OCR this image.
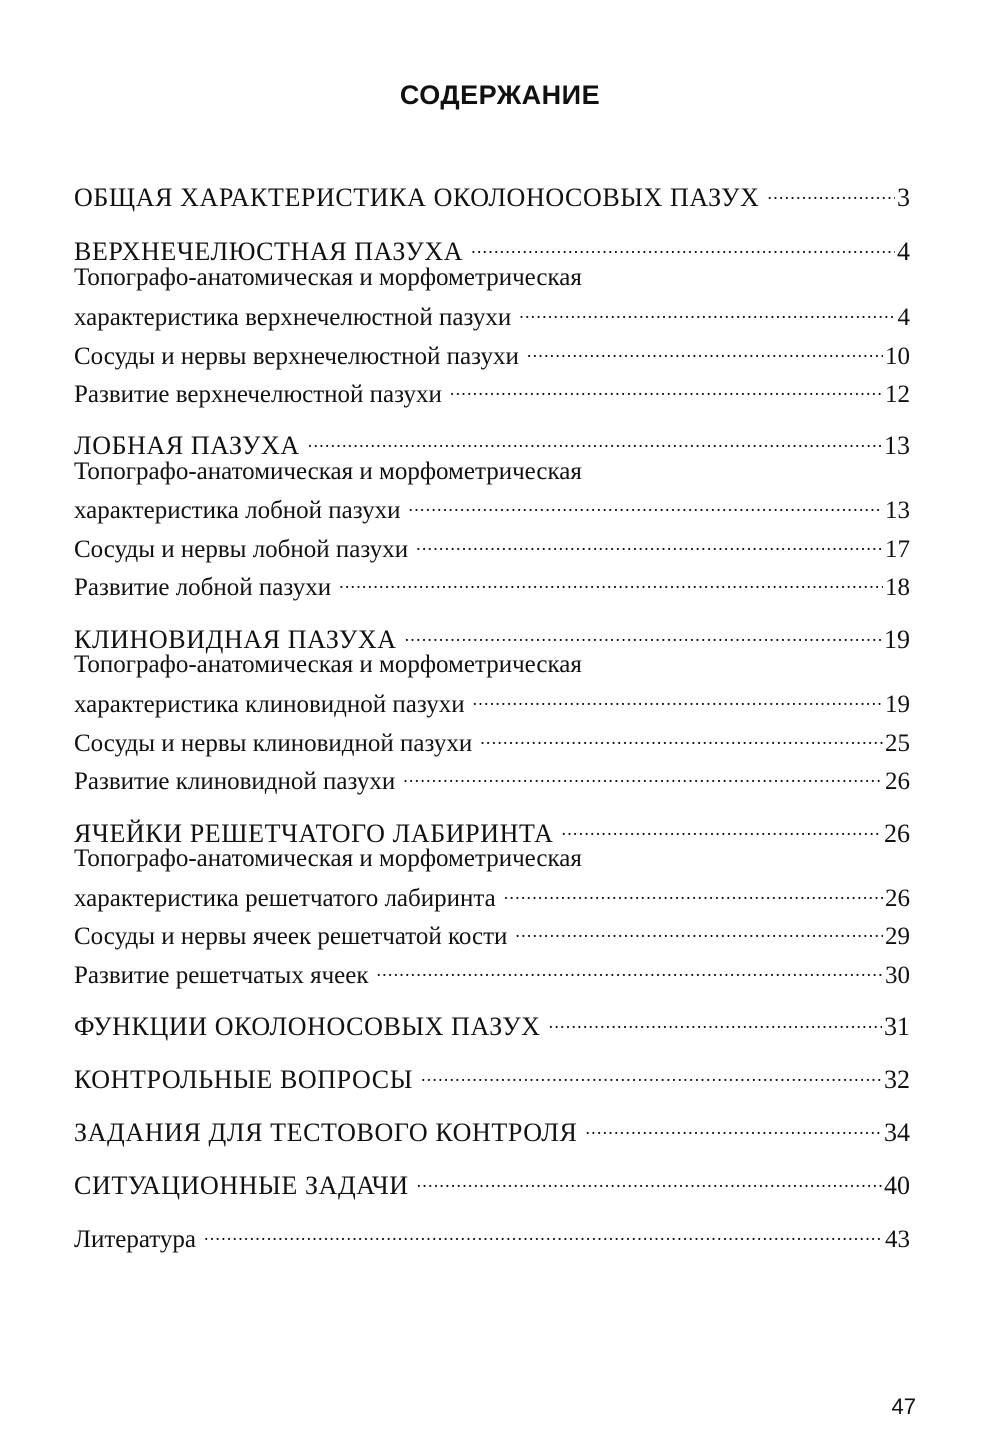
СОДЕРЖАНИЕ
ОБЩАЯ ХАРАКТЕРИСТИКА ОКОЛОНОСОВЫХ ПАЗУХ .....	3
ВЕРХНЕЧЕЛЮСТНАЯ ПАЗУХА .....	4
Топографо-анатомическая и морфометрическая
характеристика верхнечелюстной пазухи .....	4
Сосуды и нервы верхнечелюстной пазухи .....	10
Развитие верхнечелюстной пазухи .....	12
ЛОБНАЯ ПАЗУХА .....	13
Топографо-анатомическая и морфометрическая
характеристика лобной пазухи .....	13
Сосуды и нервы лобной пазухи .....	17
Развитие лобной пазухи .....	18
КЛИНОВИДНАЯ ПАЗУХА .....	19
Топографо-анатомическая и морфометрическая
характеристика клиновидной пазухи .....	19
Сосуды и нервы клиновидной пазухи .....	25
Развитие клиновидной пазухи .....	26
ЯЧЕЙКИ РЕШЕТЧАТОГО ЛАБИРИНТА .....	26
Топографо-анатомическая и морфометрическая
характеристика решетчатого лабиринта .....	26
Сосуды и нервы ячеек решетчатой кости .....	29
Развитие решетчатых ячеек .....	30
ФУНКЦИИ ОКОЛОНОСОВЫХ ПАЗУХ .....	31
КОНТРОЛЬНЫЕ ВОПРОСЫ .....	32
ЗАДАНИЯ ДЛЯ ТЕСТОВОГО КОНТРОЛЯ .....	34
СИТУАЦИОННЫЕ ЗАДАЧИ .....	40
Литература .....	43

47
